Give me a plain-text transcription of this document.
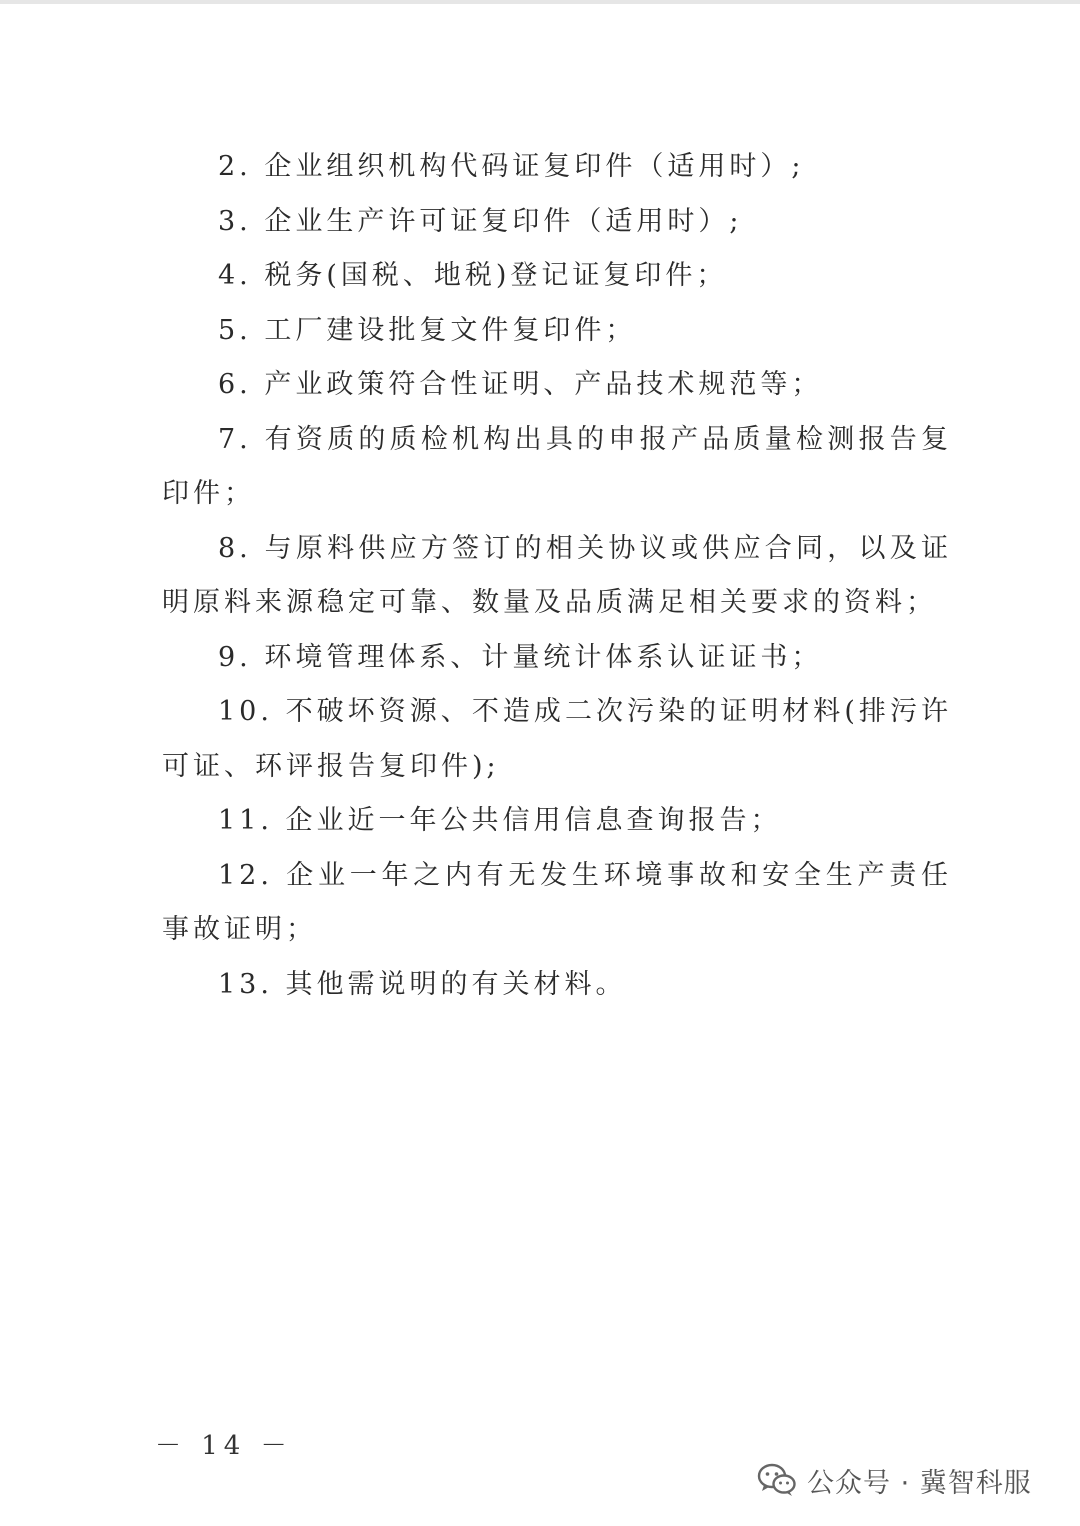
2. 企业组织机构代码证复印件（适用时）;

3. 企业生产许可证复印件（适用时）;

4. 税务(国税、地税)登记证复印件；

5. 工厂建设批复文件复印件；

6. 产业政策符合性证明、产品技术规范等；

7. 有资质的质检机构出具的申报产品质量检测报告复印件；

8. 与原料供应方签订的相关协议或供应合同，以及证明原料来源稳定可靠、数量及品质满足相关要求的资料；

9. 环境管理体系、计量统计体系认证证书；

10. 不破坏资源、不造成二次污染的证明材料(排污许可证、环评报告复印件);

11. 企业近一年公共信用信息查询报告；

12. 企业一年之内有无发生环境事故和安全生产责任事故证明；

13. 其他需说明的有关材料。

－ 14 －
公众号 · 冀智科服
